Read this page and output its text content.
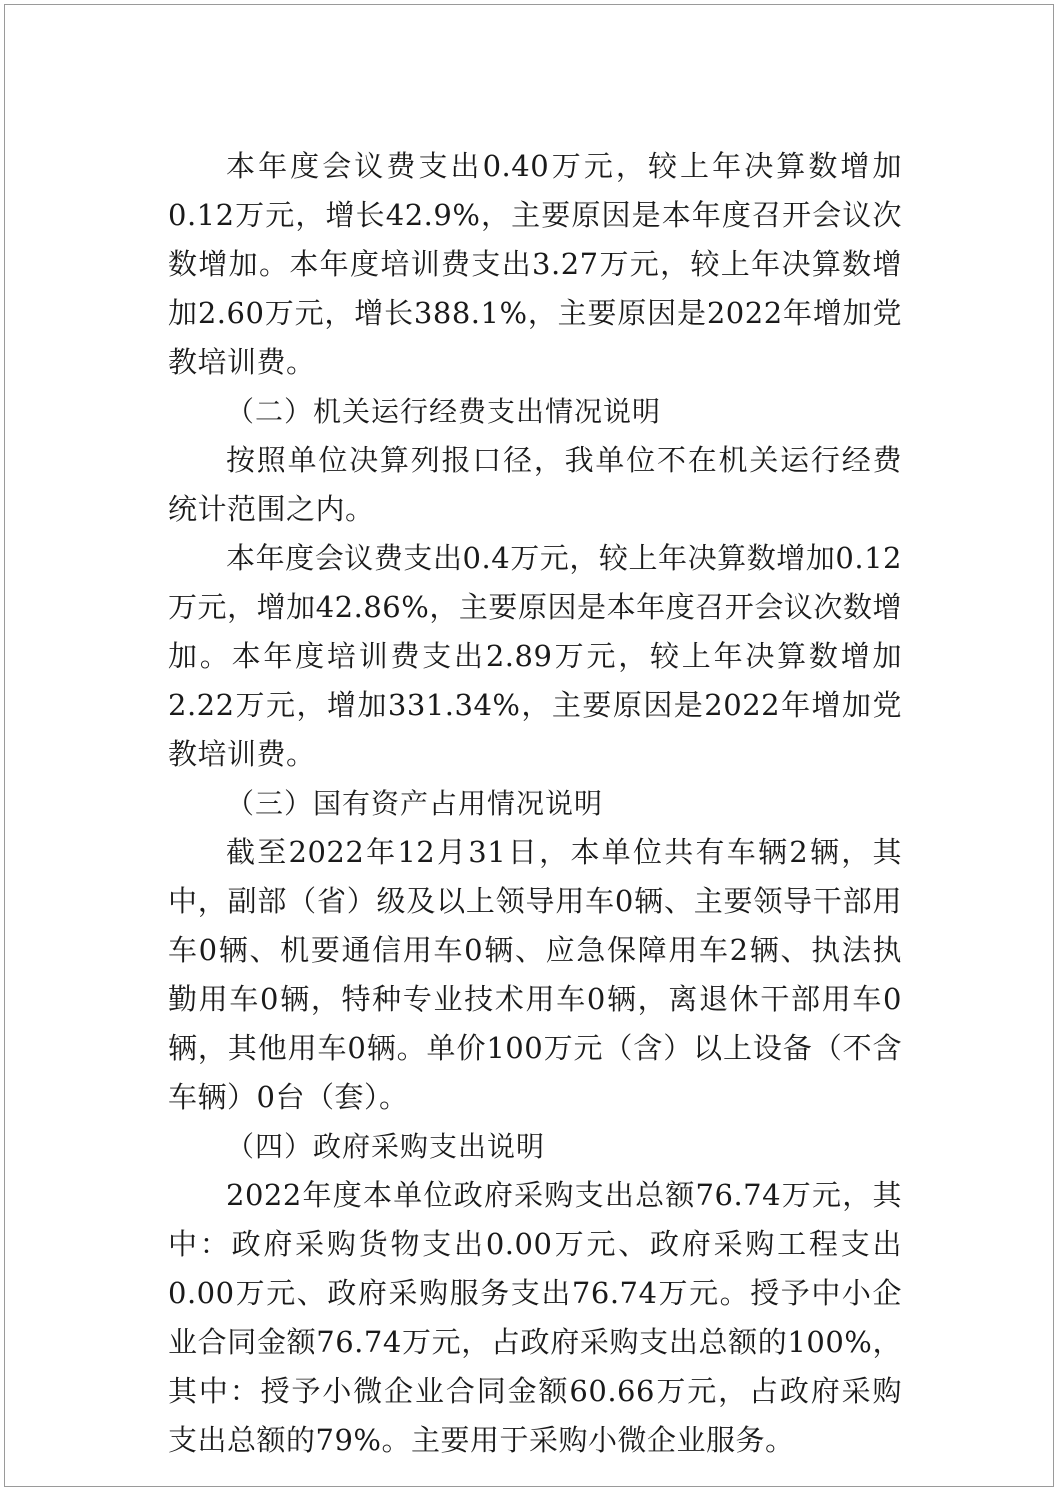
本年度会议费支出0.40万元，较上年决算数增加0.12万元，增长42.9%，主要原因是本年度召开会议次数增加。本年度培训费支出3.27万元，较上年决算数增加2.60万元，增长388.1%，主要原因是2022年增加党教培训费。

（二）机关运行经费支出情况说明

按照单位决算列报口径，我单位不在机关运行经费统计范围之内。

本年度会议费支出0.4万元，较上年决算数增加0.12万元，增加42.86%，主要原因是本年度召开会议次数增加。本年度培训费支出2.89万元，较上年决算数增加2.22万元，增加331.34%，主要原因是2022年增加党教培训费。

（三）国有资产占用情况说明

截至2022年12月31日，本单位共有车辆2辆，其中，副部（省）级及以上领导用车0辆、主要领导干部用车0辆、机要通信用车0辆、应急保障用车2辆、执法执勤用车0辆，特种专业技术用车0辆，离退休干部用车0辆，其他用车0辆。单价100万元（含）以上设备（不含车辆）0台（套）。

（四）政府采购支出说明

2022年度本单位政府采购支出总额76.74万元，其中：政府采购货物支出0.00万元、政府采购工程支出0.00万元、政府采购服务支出76.74万元。授予中小企业合同金额76.74万元，占政府采购支出总额的100%，其中：授予小微企业合同金额60.66万元，占政府采购支出总额的79%。主要用于采购小微企业服务。
